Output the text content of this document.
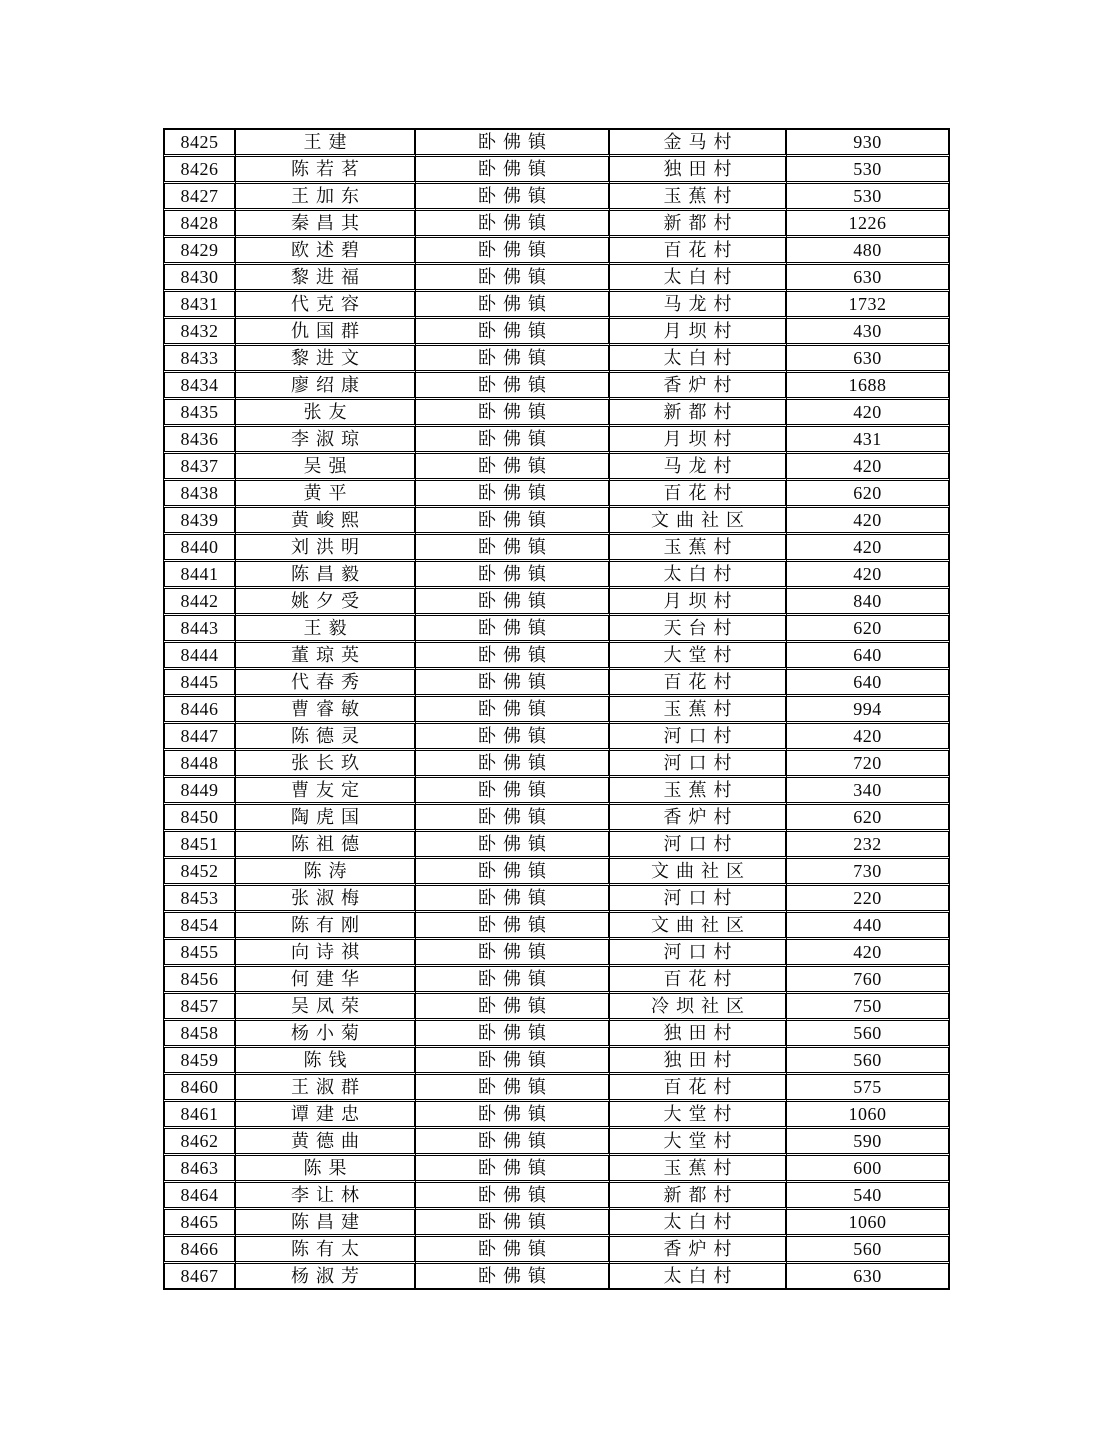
8425	王建	卧佛镇	金马村	930
8426	陈若茗	卧佛镇	独田村	530
8427	王加东	卧佛镇	玉蕉村	530
8428	秦昌其	卧佛镇	新都村	1226
8429	欧述碧	卧佛镇	百花村	480
8430	黎进福	卧佛镇	太白村	630
8431	代克容	卧佛镇	马龙村	1732
8432	仇国群	卧佛镇	月坝村	430
8433	黎进文	卧佛镇	太白村	630
8434	廖绍康	卧佛镇	香炉村	1688
8435	张友	卧佛镇	新都村	420
8436	李淑琼	卧佛镇	月坝村	431
8437	吴强	卧佛镇	马龙村	420
8438	黄平	卧佛镇	百花村	620
8439	黄峻熙	卧佛镇	文曲社区	420
8440	刘洪明	卧佛镇	玉蕉村	420
8441	陈昌毅	卧佛镇	太白村	420
8442	姚夕受	卧佛镇	月坝村	840
8443	王毅	卧佛镇	天台村	620
8444	董琼英	卧佛镇	大堂村	640
8445	代春秀	卧佛镇	百花村	640
8446	曹睿敏	卧佛镇	玉蕉村	994
8447	陈德灵	卧佛镇	河口村	420
8448	张长玖	卧佛镇	河口村	720
8449	曹友定	卧佛镇	玉蕉村	340
8450	陶虎国	卧佛镇	香炉村	620
8451	陈祖德	卧佛镇	河口村	232
8452	陈涛	卧佛镇	文曲社区	730
8453	张淑梅	卧佛镇	河口村	220
8454	陈有刚	卧佛镇	文曲社区	440
8455	向诗祺	卧佛镇	河口村	420
8456	何建华	卧佛镇	百花村	760
8457	吴凤荣	卧佛镇	冷坝社区	750
8458	杨小菊	卧佛镇	独田村	560
8459	陈钱	卧佛镇	独田村	560
8460	王淑群	卧佛镇	百花村	575
8461	谭建忠	卧佛镇	大堂村	1060
8462	黄德曲	卧佛镇	大堂村	590
8463	陈果	卧佛镇	玉蕉村	600
8464	李让林	卧佛镇	新都村	540
8465	陈昌建	卧佛镇	太白村	1060
8466	陈有太	卧佛镇	香炉村	560
8467	杨淑芳	卧佛镇	太白村	630
